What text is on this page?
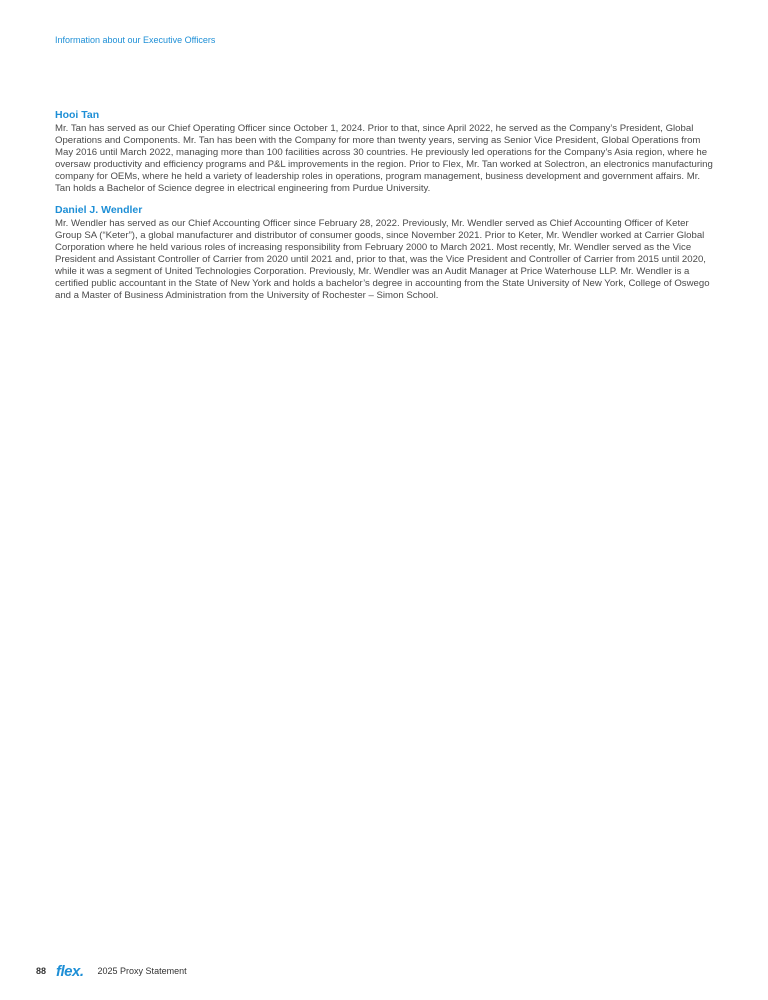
Information about our Executive Officers
Hooi Tan

Mr. Tan has served as our Chief Operating Officer since October 1, 2024. Prior to that, since April 2022, he served as the Company’s President, Global Operations and Components. Mr. Tan has been with the Company for more than twenty years, serving as Senior Vice President, Global Operations from May 2016 until March 2022, managing more than 100 facilities across 30 countries. He previously led operations for the Company’s Asia region, where he oversaw productivity and efficiency programs and P&L improvements in the region. Prior to Flex, Mr. Tan worked at Solectron, an electronics manufacturing company for OEMs, where he held a variety of leadership roles in operations, program management, business development and government affairs. Mr. Tan holds a Bachelor of Science degree in electrical engineering from Purdue University.

Daniel J. Wendler

Mr. Wendler has served as our Chief Accounting Officer since February 28, 2022. Previously, Mr. Wendler served as Chief Accounting Officer of Keter Group SA (“Keter”), a global manufacturer and distributor of consumer goods, since November 2021. Prior to Keter, Mr. Wendler worked at Carrier Global Corporation where he held various roles of increasing responsibility from February 2000 to March 2021. Most recently, Mr. Wendler served as the Vice President and Assistant Controller of Carrier from 2020 until 2021 and, prior to that, was the Vice President and Controller of Carrier from 2015 until 2020, while it was a segment of United Technologies Corporation. Previously, Mr. Wendler was an Audit Manager at Price Waterhouse LLP. Mr. Wendler is a certified public accountant in the State of New York and holds a bachelor’s degree in accounting from the State University of New York, College of Oswego and a Master of Business Administration from the University of Rochester – Simon School.

88 flex. 2025 Proxy Statement
